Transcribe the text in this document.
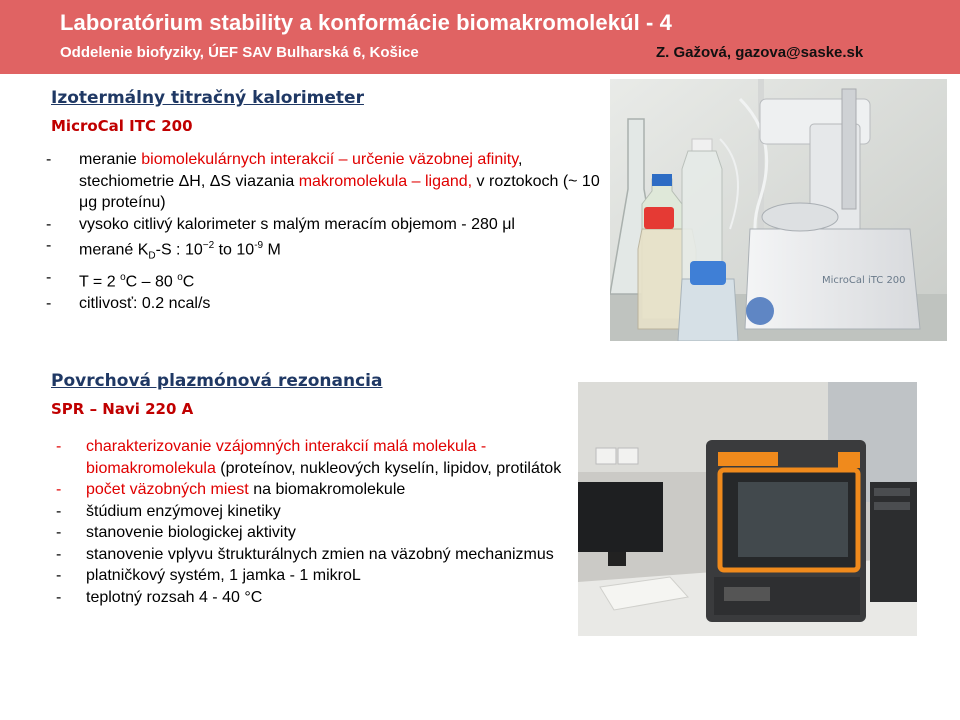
Laboratórium stability a konformácie biomakromolekúl - 4
Oddelenie biofyziky, ÚEF SAV Bulharská 6, Košice	Z. Gažová, gazova@saske.sk
Izotermálny titračný kalorimeter
MicroCal ITC 200
- meranie biomolekulárnych interakcií – určenie väzobnej afinity, stechiometrie ΔH, ΔS viazania makromolekula – ligand, v roztokoch (~ 10 μg proteínu)
- vysoko citlivý kalorimeter s malým meracím objemom - 280 μl
- merané $K_D-S$ : $10^{-2}$ to $10^{-9}$ M
- T = 2 $^o$C – 80 $^o$C
- citlivosť: 0.2 ncal/s
MicroCal iTC 200
Povrchová plazmónová rezonancia
SPR – Navi 220 A
- charakterizovanie vzájomných interakcií malá molekula - biomakromolekula (proteínov, nukleových kyselín, lipidov, protilátok
- počet väzobných miest na biomakromolekule
- štúdium enzýmovej kinetiky
- stanovenie biologickej aktivity
- stanovenie vplyvu štrukturálnych zmien na väzobný mechanizmus
- platničkový systém, 1 jamka - 1 mikroL
- teplotný rozsah 4 - 40 °C
